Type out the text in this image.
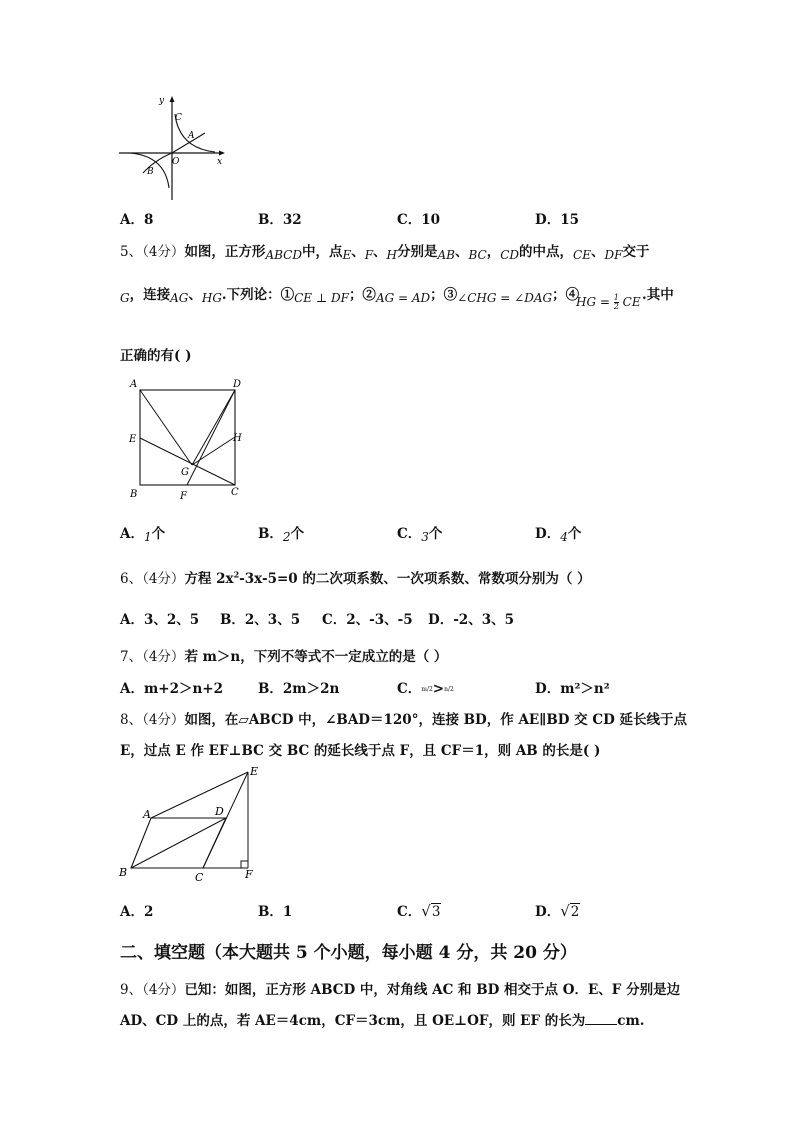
y
x
O
A
B
C
A．8	B．32	C．10	D．15
5、（4分）如图，正方形ABCD中，点E、F、H分别是AB、BC，CD的中点，CE、DF交于
G，连接AG、HG.下列论：①CE ⊥ DF；②AG = AD；③∠CHG = ∠DAG；④
HG = $\frac{1}{2}$ CE .其中
正确的有( )
A	D
E	H
G
B	F	C
A．1个	B．2个	C．3个	D．4个
6、（4分）方程 $2x^2-3x-5=0$ 的二次项系数、一次项系数、常数项分别为（ ）
A．3、2、5 B．2、3、5 C．2、-3、-5 D．-2、3、5
7、（4分）若 m＞n，下列不等式不一定成立的是（ ）
A．m+2＞n+2	B．2m＞2n	C．m/2>n/2	D．m²＞n²
8、（4分）如图，在▱ABCD 中，∠BAD＝120°，连接 BD，作 AE∥BD 交 CD 延长线于点
E，过点 E 作 EF⊥BC 交 BC 的延长线于点 F，且 CF＝1，则 AB 的长是( )
A	D
E
B	C	F
A．2	B．1	C．√3	D．√2
二、填空题（本大题共 5 个小题，每小题 4 分，共 20 分）
9、（4分）已知：如图，正方形 ABCD 中，对角线 AC 和 BD 相交于点 O．E、F 分别是边
AD、CD 上的点，若 AE＝4cm，CF＝3cm，且 OE⊥OF，则 EF 的长为 cm.
